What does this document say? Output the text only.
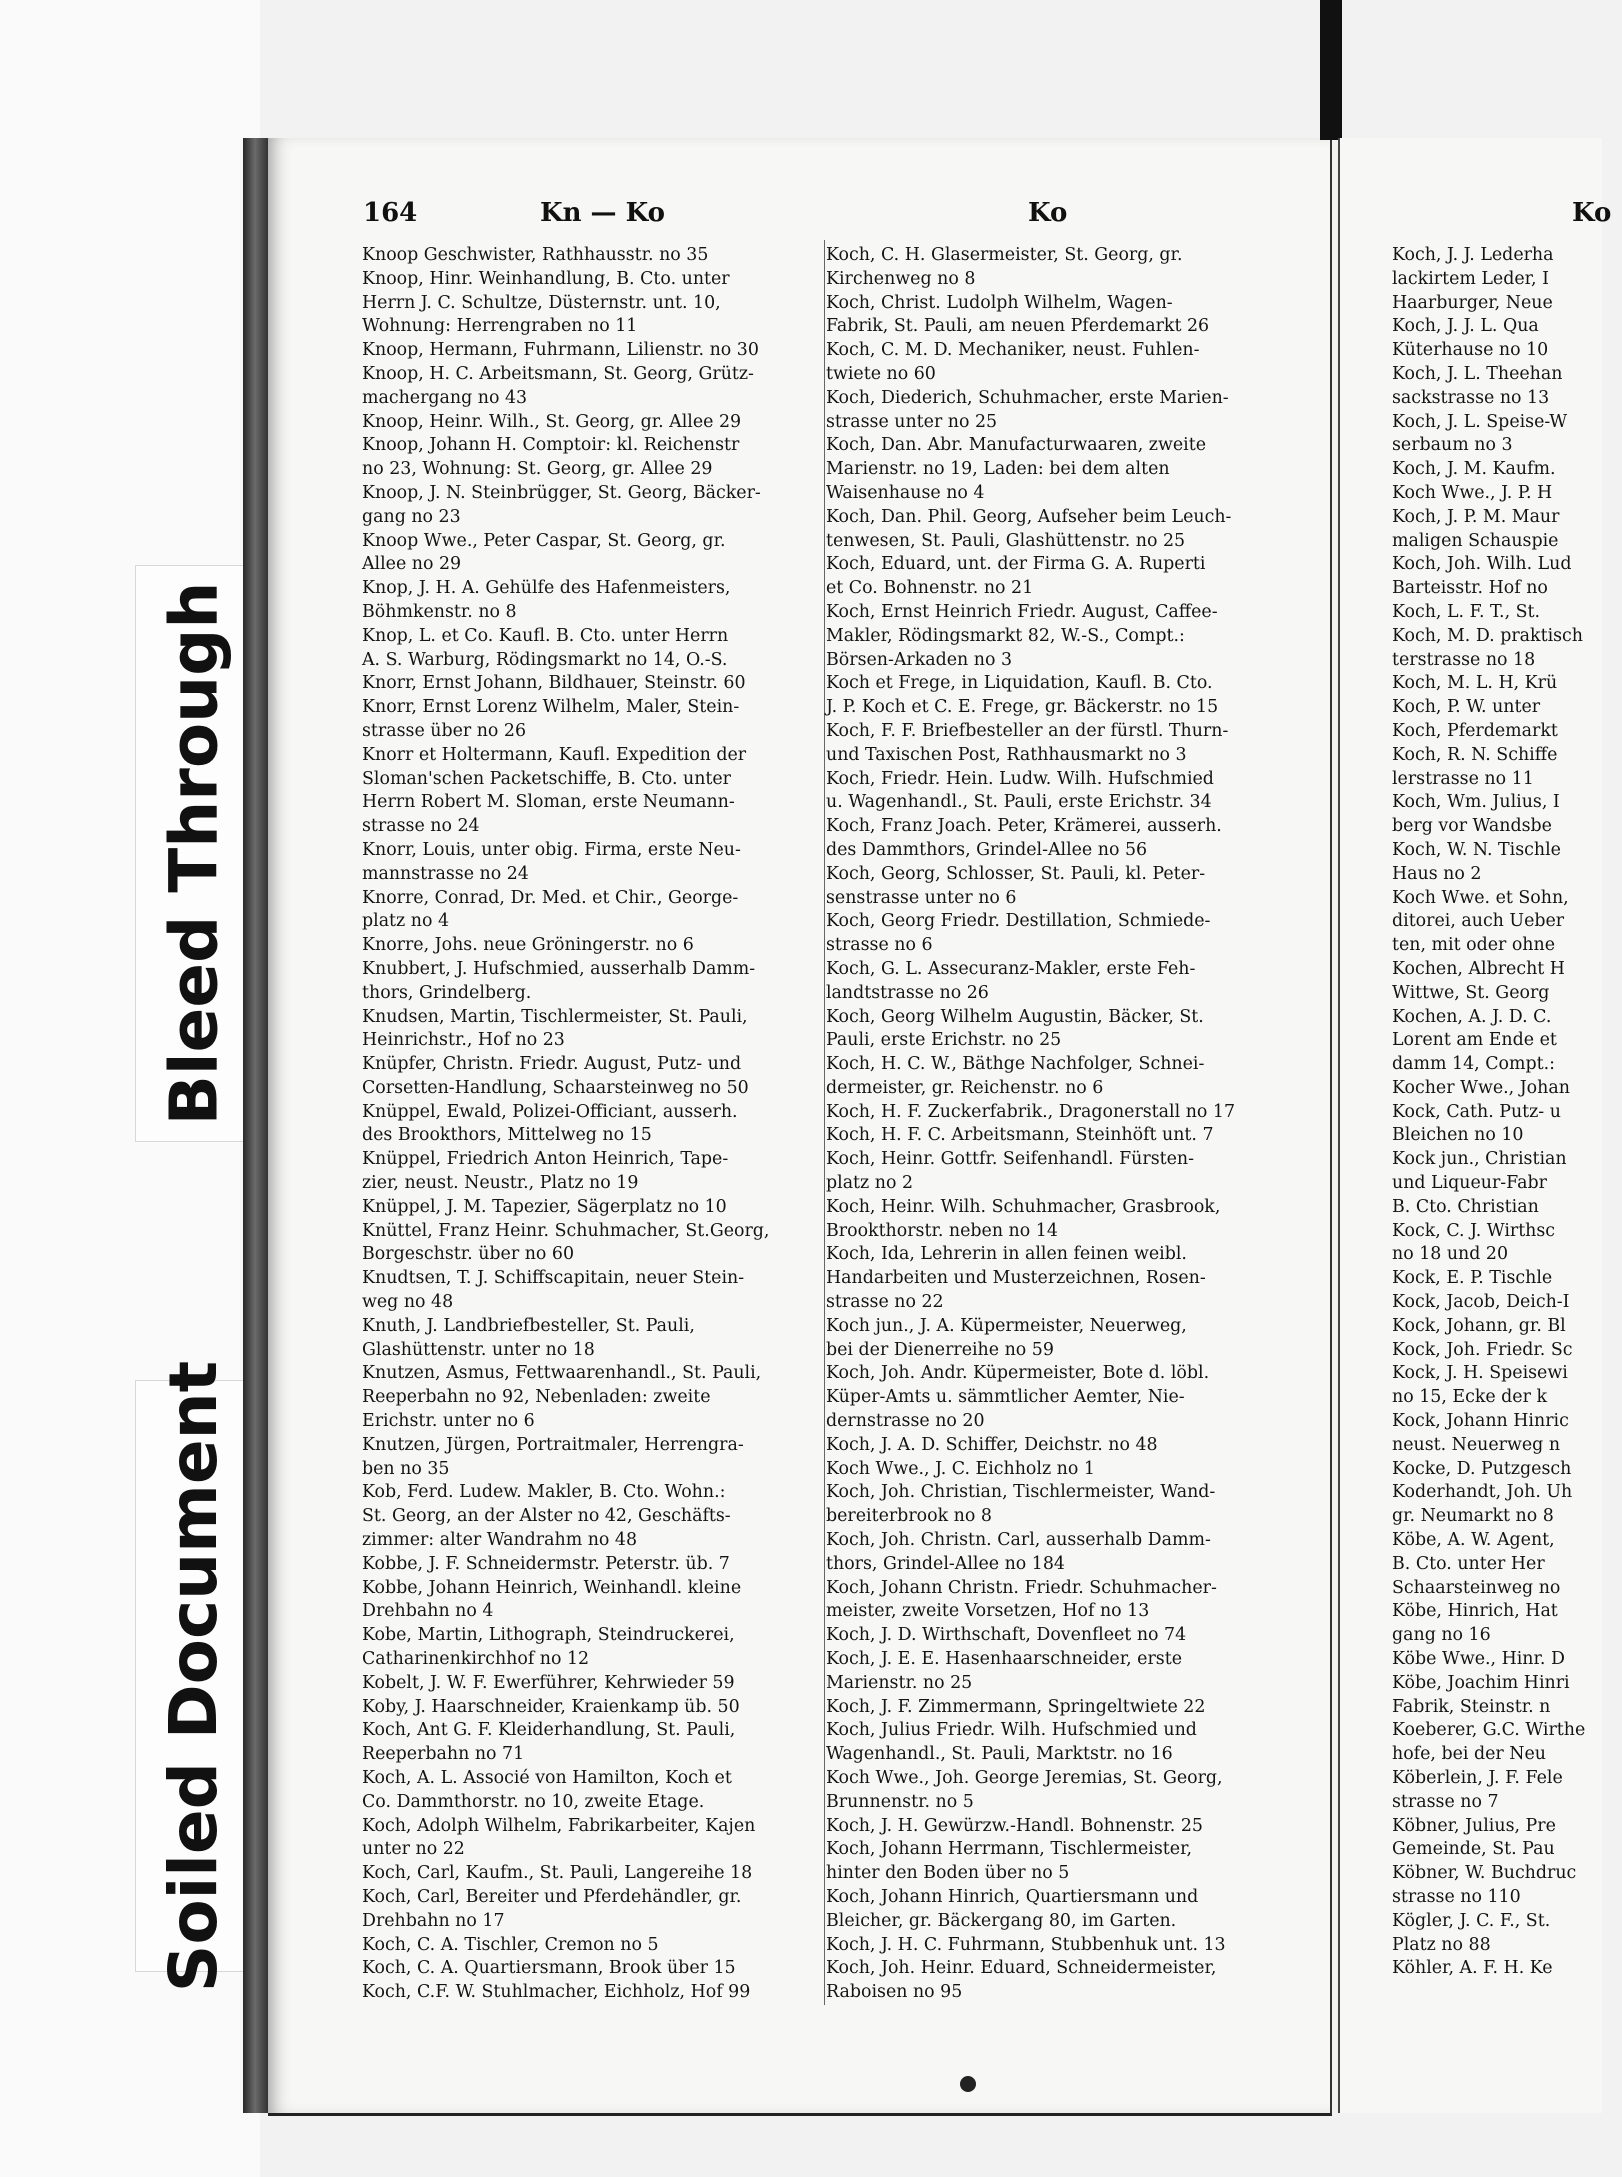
Bleed Through
Soiled Document
164	Kn — Ko	Ko	Ko
Knoop Geschwister, Rathhausstr. no 35
Knoop, Hinr. Weinhandlung, B. Cto. unter
Herrn J. C. Schultze, Düsternstr. unt. 10,
Wohnung: Herrengraben no 11
Knoop, Hermann, Fuhrmann, Lilienstr. no 30
Knoop, H. C. Arbeitsmann, St. Georg, Grütz-
machergang no 43
Knoop, Heinr. Wilh., St. Georg, gr. Allee 29
Knoop, Johann H. Comptoir: kl. Reichenstr
no 23, Wohnung: St. Georg, gr. Allee 29
Knoop, J. N. Steinbrügger, St. Georg, Bäcker-
gang no 23
Knoop Wwe., Peter Caspar, St. Georg, gr.
Allee no 29
Knop, J. H. A. Gehülfe des Hafenmeisters,
Böhmkenstr. no 8
Knop, L. et Co. Kaufl. B. Cto. unter Herrn
A. S. Warburg, Rödingsmarkt no 14, O.-S.
Knorr, Ernst Johann, Bildhauer, Steinstr. 60
Knorr, Ernst Lorenz Wilhelm, Maler, Stein-
strasse über no 26
Knorr et Holtermann, Kaufl. Expedition der
Sloman'schen Packetschiffe, B. Cto. unter
Herrn Robert M. Sloman, erste Neumann-
strasse no 24
Knorr, Louis, unter obig. Firma, erste Neu-
mannstrasse no 24
Knorre, Conrad, Dr. Med. et Chir., George-
platz no 4
Knorre, Johs. neue Gröningerstr. no 6
Knubbert, J. Hufschmied, ausserhalb Damm-
thors, Grindelberg.
Knudsen, Martin, Tischlermeister, St. Pauli,
Heinrichstr., Hof no 23
Knüpfer, Christn. Friedr. August, Putz- und
Corsetten-Handlung, Schaarsteinweg no 50
Knüppel, Ewald, Polizei-Officiant, ausserh.
des Brookthors, Mittelweg no 15
Knüppel, Friedrich Anton Heinrich, Tape-
zier, neust. Neustr., Platz no 19
Knüppel, J. M. Tapezier, Sägerplatz no 10
Knüttel, Franz Heinr. Schuhmacher, St.Georg,
Borgeschstr. über no 60
Knudtsen, T. J. Schiffscapitain, neuer Stein-
weg no 48
Knuth, J. Landbriefbesteller, St. Pauli,
Glashüttenstr. unter no 18
Knutzen, Asmus, Fettwaarenhandl., St. Pauli,
Reeperbahn no 92, Nebenladen: zweite
Erichstr. unter no 6
Knutzen, Jürgen, Portraitmaler, Herrengra-
ben no 35
Kob, Ferd. Ludew. Makler, B. Cto. Wohn.:
St. Georg, an der Alster no 42, Geschäfts-
zimmer: alter Wandrahm no 48
Kobbe, J. F. Schneidermstr. Peterstr. üb. 7
Kobbe, Johann Heinrich, Weinhandl. kleine
Drehbahn no 4
Kobe, Martin, Lithograph, Steindruckerei,
Catharinenkirchhof no 12
Kobelt, J. W. F. Ewerführer, Kehrwieder 59
Koby, J. Haarschneider, Kraienkamp üb. 50
Koch, Ant G. F. Kleiderhandlung, St. Pauli,
Reeperbahn no 71
Koch, A. L. Associé von Hamilton, Koch et
Co. Dammthorstr. no 10, zweite Etage.
Koch, Adolph Wilhelm, Fabrikarbeiter, Kajen
unter no 22
Koch, Carl, Kaufm., St. Pauli, Langereihe 18
Koch, Carl, Bereiter und Pferdehändler, gr.
Drehbahn no 17
Koch, C. A. Tischler, Cremon no 5
Koch, C. A. Quartiersmann, Brook über 15
Koch, C.F. W. Stuhlmacher, Eichholz, Hof 99
Koch, C. H. Glasermeister, St. Georg, gr.
Kirchenweg no 8
Koch, Christ. Ludolph Wilhelm, Wagen-
Fabrik, St. Pauli, am neuen Pferdemarkt 26
Koch, C. M. D. Mechaniker, neust. Fuhlen-
twiete no 60
Koch, Diederich, Schuhmacher, erste Marien-
strasse unter no 25
Koch, Dan. Abr. Manufacturwaaren, zweite
Marienstr. no 19, Laden: bei dem alten
Waisenhause no 4
Koch, Dan. Phil. Georg, Aufseher beim Leuch-
tenwesen, St. Pauli, Glashüttenstr. no 25
Koch, Eduard, unt. der Firma G. A. Ruperti
et Co. Bohnenstr. no 21
Koch, Ernst Heinrich Friedr. August, Caffee-
Makler, Rödingsmarkt 82, W.-S., Compt.:
Börsen-Arkaden no 3
Koch et Frege, in Liquidation, Kaufl. B. Cto.
J. P. Koch et C. E. Frege, gr. Bäckerstr. no 15
Koch, F. F. Briefbesteller an der fürstl. Thurn-
und Taxischen Post, Rathhausmarkt no 3
Koch, Friedr. Hein. Ludw. Wilh. Hufschmied
u. Wagenhandl., St. Pauli, erste Erichstr. 34
Koch, Franz Joach. Peter, Krämerei, ausserh.
des Dammthors, Grindel-Allee no 56
Koch, Georg, Schlosser, St. Pauli, kl. Peter-
senstrasse unter no 6
Koch, Georg Friedr. Destillation, Schmiede-
strasse no 6
Koch, G. L. Assecuranz-Makler, erste Feh-
landtstrasse no 26
Koch, Georg Wilhelm Augustin, Bäcker, St.
Pauli, erste Erichstr. no 25
Koch, H. C. W., Bäthge Nachfolger, Schnei-
dermeister, gr. Reichenstr. no 6
Koch, H. F. Zuckerfabrik., Dragonerstall no 17
Koch, H. F. C. Arbeitsmann, Steinhöft unt. 7
Koch, Heinr. Gottfr. Seifenhandl. Fürsten-
platz no 2
Koch, Heinr. Wilh. Schuhmacher, Grasbrook,
Brookthorstr. neben no 14
Koch, Ida, Lehrerin in allen feinen weibl.
Handarbeiten und Musterzeichnen, Rosen-
strasse no 22
Koch jun., J. A. Küpermeister, Neuerweg,
bei der Dienerreihe no 59
Koch, Joh. Andr. Küpermeister, Bote d. löbl.
Küper-Amts u. sämmtlicher Aemter, Nie-
dernstrasse no 20
Koch, J. A. D. Schiffer, Deichstr. no 48
Koch Wwe., J. C. Eichholz no 1
Koch, Joh. Christian, Tischlermeister, Wand-
bereiterbrook no 8
Koch, Joh. Christn. Carl, ausserhalb Damm-
thors, Grindel-Allee no 184
Koch, Johann Christn. Friedr. Schuhmacher-
meister, zweite Vorsetzen, Hof no 13
Koch, J. D. Wirthschaft, Dovenfleet no 74
Koch, J. E. E. Hasenhaarschneider, erste
Marienstr. no 25
Koch, J. F. Zimmermann, Springeltwiete 22
Koch, Julius Friedr. Wilh. Hufschmied und
Wagenhandl., St. Pauli, Marktstr. no 16
Koch Wwe., Joh. George Jeremias, St. Georg,
Brunnenstr. no 5
Koch, J. H. Gewürzw.-Handl. Bohnenstr. 25
Koch, Johann Herrmann, Tischlermeister,
hinter den Boden über no 5
Koch, Johann Hinrich, Quartiersmann und
Bleicher, gr. Bäckergang 80, im Garten.
Koch, J. H. C. Fuhrmann, Stubbenhuk unt. 13
Koch, Joh. Heinr. Eduard, Schneidermeister,
Raboisen no 95
Koch, J. J. Lederha
lackirtem Leder, I
Haarburger, Neue
Koch, J. J. L. Qua
Küterhause no 10
Koch, J. L. Theehan
sackstrasse no 13
Koch, J. L. Speise-W
serbaum no 3
Koch, J. M. Kaufm.
Koch Wwe., J. P. H
Koch, J. P. M. Maur
maligen Schauspie
Koch, Joh. Wilh. Lud
Barteisstr. Hof no
Koch, L. F. T., St.
Koch, M. D. praktisch
terstrasse no 18
Koch, M. L. H, Krü
Koch, P. W. unter
Koch, Pferdemarkt
Koch, R. N. Schiffe
lerstrasse no 11
Koch, Wm. Julius, I
berg vor Wandsbe
Koch, W. N. Tischle
Haus no 2
Koch Wwe. et Sohn,
ditorei, auch Ueber
ten, mit oder ohne
Kochen, Albrecht H
Wittwe, St. Georg
Kochen, A. J. D. C.
Lorent am Ende et
damm 14, Compt.:
Kocher Wwe., Johan
Kock, Cath. Putz- u
Bleichen no 10
Kock jun., Christian
und Liqueur-Fabr
B. Cto. Christian
Kock, C. J. Wirthsc
no 18 und 20
Kock, E. P. Tischle
Kock, Jacob, Deich-I
Kock, Johann, gr. Bl
Kock, Joh. Friedr. Sc
Kock, J. H. Speisewi
no 15, Ecke der k
Kock, Johann Hinric
neust. Neuerweg n
Kocke, D. Putzgesch
Koderhandt, Joh. Uh
gr. Neumarkt no 8
Köbe, A. W. Agent,
B. Cto. unter Her
Schaarsteinweg no
Köbe, Hinrich, Hat
gang no 16
Köbe Wwe., Hinr. D
Köbe, Joachim Hinri
Fabrik, Steinstr. n
Koeberer, G.C. Wirthe
hofe, bei der Neu
Köberlein, J. F. Fele
strasse no 7
Köbner, Julius, Pre
Gemeinde, St. Pau
Köbner, W. Buchdruc
strasse no 110
Kögler, J. C. F., St.
Platz no 88
Köhler, A. F. H. Ke
